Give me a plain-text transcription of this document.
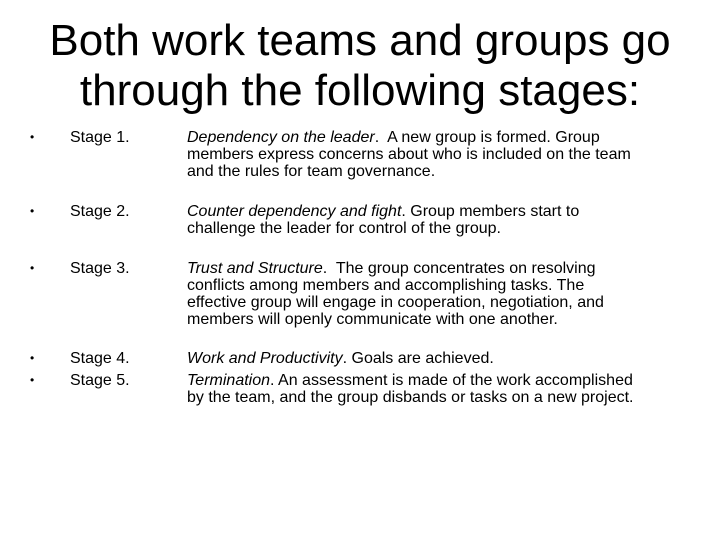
Both work teams and groups go through the following stages:
• Stage 1.	Dependency on the leader.  A new group is formed. Group members express concerns about who is included on the team and the rules for team governance.
• Stage 2.	Counter dependency and fight. Group members start to challenge the leader for control of the group.
• Stage 3.	Trust and Structure.  The group concentrates on resolving conflicts among members and accomplishing tasks. The effective group will engage in cooperation, negotiation, and members will openly communicate with one another.
• Stage 4.	Work and Productivity. Goals are achieved.
• Stage 5.	Termination. An assessment is made of the work accomplished by the team, and the group disbands or tasks on a new project.
